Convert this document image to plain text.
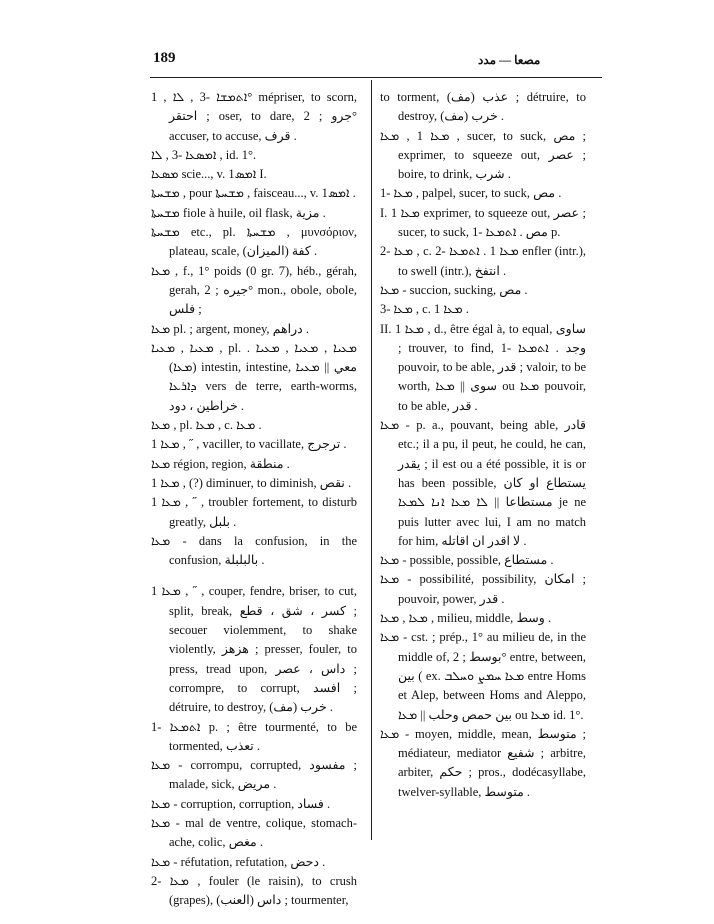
189	مصعا — مدد

ܐܬܡܫܐ -3 , ܠܐ , 1° mépriser, to scorn, احتقر ; oser, to dare, جرو ; 2° accuser, to accuse, قرف .

ܐܡܣܥܐ -3 , ܠܐ , id. 1°.

ܡܣܥܐ scie..., v. 1ܐܡܣ I.

ܡܫܚܬܐ , pour ܡܫܚܬܐ , faisceau..., v. 1ܐܡܣ .

ܡܫܚܬܐ fiole à huile, oil flask, مزية .

ܡܫܚܬܐ etc., pl. ܡܫܚܬܐ , μυνσόριον, plateau, scale, كفة (الميزان) .

ܡܥܐ , f., 1° poids (0 gr. 7), héb., gérah, gerah, جيره ; 2° mon., obole, obole, فلس ;

ܡܥܐ pl. ; argent, money, دراهم .

ܡܥܝܐ , ܡܥܝܐ , pl. ܡܥܝܐ , ܡܥܝܐ , ܡܥܝܐ . (ܡܥܐ) intestin, intestine, معي || ܡܥܝܐ ܕܐܪܥܐ vers de terre, earth-worms, خراطين ، دود .

ܡܥܐ , pl. ܡܥܐ , c. ܡܥܐ .

ܡܥܐ 1 , ˝ , vaciller, to vacillate, ترجرج .

ܡܥܐ région, region, منطقة .

ܡܥܐ 1 , (?) diminuer, to diminish, نقص .

ܡܥܐ 1 , ˝ , troubler fortement, to disturb greatly, بلبل .

ܡܥܐ - dans la confusion, in the confusion, بالبلبلة .

1 ܡܥܐ , ˝ , couper, fendre, briser, to cut, split, break, كسر ، شق ، قطع ; secouer violemment, to shake violently, هزهز ; presser, fouler, to press, tread upon, داس ، عصر ; corrompre, to corrupt, افسد ; détruire, to destroy, خرب (مف) .

ܐܬܡܥܐ -1 p. ; être tourmenté, to be tormented, تعذب .

ܡܥܐ - corrompu, corrupted, مفسود ; malade, sick, مريض .

ܡܥܐ - corruption, corruption, فساد .

ܡܥܐ - mal de ventre, colique, stomach-ache, colic, مغص .

ܡܥܐ - réfutation, refutation, دحض .

ܡܥܐ -2 , fouler (le raisin), to crush (grapes), داس (العنب) ; tourmenter,

to torment, عذب (مف) ; détruire, to destroy, خرب (مف) .

ܡܥܐ 1 , ܡܥܐ , sucer, to suck, مص ; exprimer, to squeeze out, عصر ; boire, to drink, شرب .

ܡܥܐ -1 , palpel, sucer, to suck, مص .

I. ܡܥܐ 1 exprimer, to squeeze out, عصر ; sucer, to suck, مص . ܐܬܡܥܐ -1 p.

ܡܥܐ -2 , c. ܡܥܐ 1 . ܐܬܡܥܐ -2 enfler (intr.), to swell (intr.), انتفخ .

ܡܥܐ - succion, sucking, مص .

ܡܥܐ -3 , c. ܡܥܐ 1 .

II. ܡܥܐ 1 , d., être égal à, to equal, ساوى ; trouver, to find, وجد . ܐܬܡܥܐ -1 pouvoir, to be able, قدر ; valoir, to be worth, سوى || ܡܥܐ ou ܡܥܐ pouvoir, to be able, قدر .

ܡܥܐ - p. a., pouvant, being able, قادر etc.; il a pu, il peut, he could, he can, يقدر ; il est ou a été possible, it is or has been possible, يستطاع او كان مستطاعا || ܠܐ ܡܥܐ ܐܢܐ ܠܡܥܐ je ne puis lutter avec lui, I am no match for him, لا اقدر ان اقاتله .

ܡܥܐ - possible, possible, مستطاع .

ܡܥܐ - possibilité, possibility, امكان ; pouvoir, power, قدر .

ܡܥܐ , ܡܥܐ , milieu, middle, وسط .

ܡܥܐ - cst. ; prép., 1° au milieu de, in the middle of, بوسط ; 2° entre, between, بين ( ex. ܡܥܐ ܚܡܨ ܘܚܠܒ entre Homs et Alep, between Homs and Aleppo, بين حمص وحلب || ܡܥܐ ou ܡܥܐ id. 1°.

ܡܥܐ - moyen, middle, mean, متوسط ; médiateur, mediator شفيع ; arbitre, arbiter, حكم ; pros., dodécasyllabe, twelver-syllable, متوسط .
